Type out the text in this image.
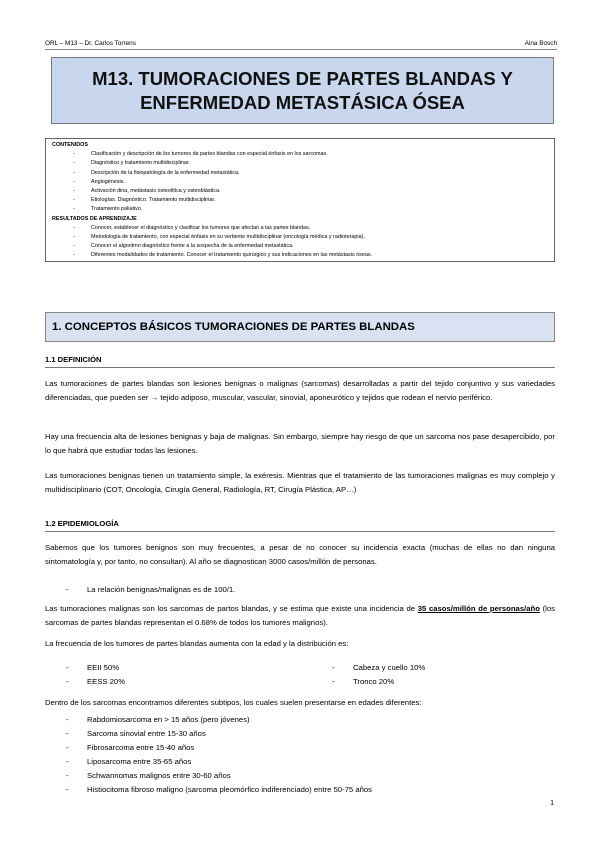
ORL – M13 – Dr. Carlos Torrens	Aina Bosch
M13. TUMORACIONES DE PARTES BLANDAS Y
ENFERMEDAD METASTÁSICA ÓSEA
CONTENIDOS
- Clasificación y descripción de los tumores de partes blandas con especial énfasis en los sarcomas.
- Diagnóstico y tratamiento multidisciplinar.
- Descripción de la fisiopatología de la enfermedad metastática.
- Angiogénesis.
- Activación dina, metástasis osteolítica y osteoblástica.
- Etiologías. Diagnóstico. Tratamiento multidisciplinar.
- Tratamiento paliativo.
RESULTADOS DE APRENDIZAJE
- Conocer, establecer el diagnóstico y clasificar los tumores que afectan a las partes blandas.
- Metodología de tratamiento, con especial énfasis en su vertiente multidisciplinar (oncología médica y radioterapia).
- Conocer el algoritmo diagnóstico frente a la sospecha de la enfermedad metastática.
- Diferentes modalidades de tratamiento. Conocer el tratamiento quirúrgico y sus indicaciones en las metástasis óseas.
1. CONCEPTOS BÁSICOS TUMORACIONES DE PARTES BLANDAS
1.1 DEFINICIÓN
Las tumoraciones de partes blandas son lesiones benignas o malignas (sarcomas) desarrolladas a partir del tejido conjuntivo y sus variedades diferenciadas, que pueden ser → tejido adiposo, muscular, vascular, sinovial, aponeurótico y tejidos que rodean el nervio periférico.
Hay una frecuencia alta de lesiones benignas y baja de malignas. Sin embargo, siempre hay riesgo de que un sarcoma nos pase desapercibido, por lo que habrá que estudiar todas las lesiones.
Las tumoraciones benignas tienen un tratamiento simple, la exéresis. Mientras que el tratamiento de las tumoraciones malignas es muy complejo y multidisciplinario (COT, Oncología, Cirugía General, Radiología, RT, Cirugía Plástica, AP…)
1.2 EPIDEMIOLOGÍA
Sabemos que los tumores benignos son muy frecuentes, a pesar de no conocer su incidencia exacta (muchas de ellas no dan ninguna sintomatología y, por tanto, no consultan). Al año se diagnostican 3000 casos/millón de personas.
- La relación benignas/malignas es de 100/1.
Las tumoraciones malignas son los sarcomas de partos blandas, y se estima que existe una incidencia de 35 casos/millón de personas/año (los sarcomas de partes blandas representan el 0.68% de todos los tumores malignos).
La frecuencia de los tumores de partes blandas aumenta con la edad y la distribución es:
- EEII 50%
- EESS 20%
- Cabeza y cuello 10%
- Tronco 20%
Dentro de los sarcomas encontramos diferentes subtipos, los cuales suelen presentarse en edades diferentes:
- Rabdomiosarcoma en > 15 años (pero jóvenes)
- Sarcoma sinovial entre 15-30 años
- Fibrosarcoma entre 15-40 años
- Liposarcoma entre 35-65 años
- Schwannomas malignos entre 30-60 años
- Histiocitoma fibroso maligno (sarcoma pleomórfico indiferenciado) entre 50-75 años
1
